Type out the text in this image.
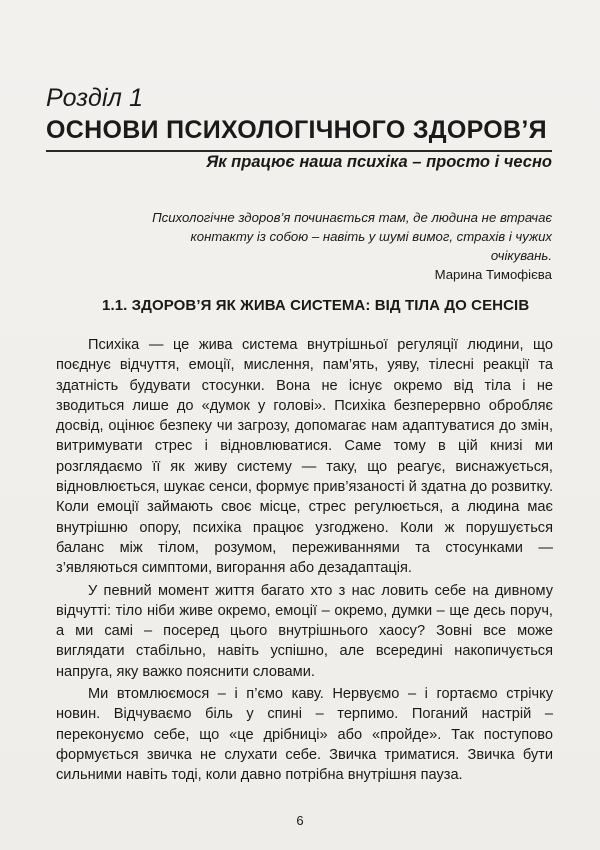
Розділ 1
ОСНОВИ ПСИХОЛОГІЧНОГО ЗДОРОВ’Я
Як працює наша психіка – просто і чесно
Психологічне здоров’я починається там, де людина не втрачає контакту із собою – навіть у шумі вимог, страхів і чужих очікувань.
Марина Тимофієва
1.1. ЗДОРОВ’Я ЯК ЖИВА СИСТЕМА: ВІД ТІЛА ДО СЕНСІВ

Психіка — це жива система внутрішньої регуляції людини, що поєднує відчуття, емоції, мислення, пам’ять, уяву, тілесні реакції та здатність будувати стосунки. Вона не існує окремо від тіла і не зводиться лише до «думок у голові». Психіка безперервно обробляє досвід, оцінює безпеку чи загрозу, допомагає нам адаптуватися до змін, витримувати стрес і відновлюватися. Саме тому в цій книзі ми розглядаємо її як живу систему — таку, що реагує, виснажується, відновлюється, шукає сенси, формує прив’язаності й здатна до розвитку. Коли емоції займають своє місце, стрес регулюється, а людина має внутрішню опору, психіка працює узгоджено. Коли ж порушується баланс між тілом, розумом, переживаннями та стосунками — з’являються симптоми, вигорання або дезадаптація.

У певний момент життя багато хто з нас ловить себе на дивному відчутті: тіло ніби живе окремо, емоції – окремо, думки – ще десь поруч, а ми самі – посеред цього внутрішнього хаосу? Зовні все може виглядати стабільно, навіть успішно, але всередині накопичується напруга, яку важко пояснити словами.

Ми втомлюємося – і п’ємо каву. Нервуємо – і гортаємо стрічку новин. Відчуваємо біль у спині – терпимо. Поганий настрій – переконуємо себе, що «це дрібниці» або «пройде». Так поступово формується звичка не слухати себе. Звичка триматися. Звичка бути сильними навіть тоді, коли давно потрібна внутрішня пауза.

6
